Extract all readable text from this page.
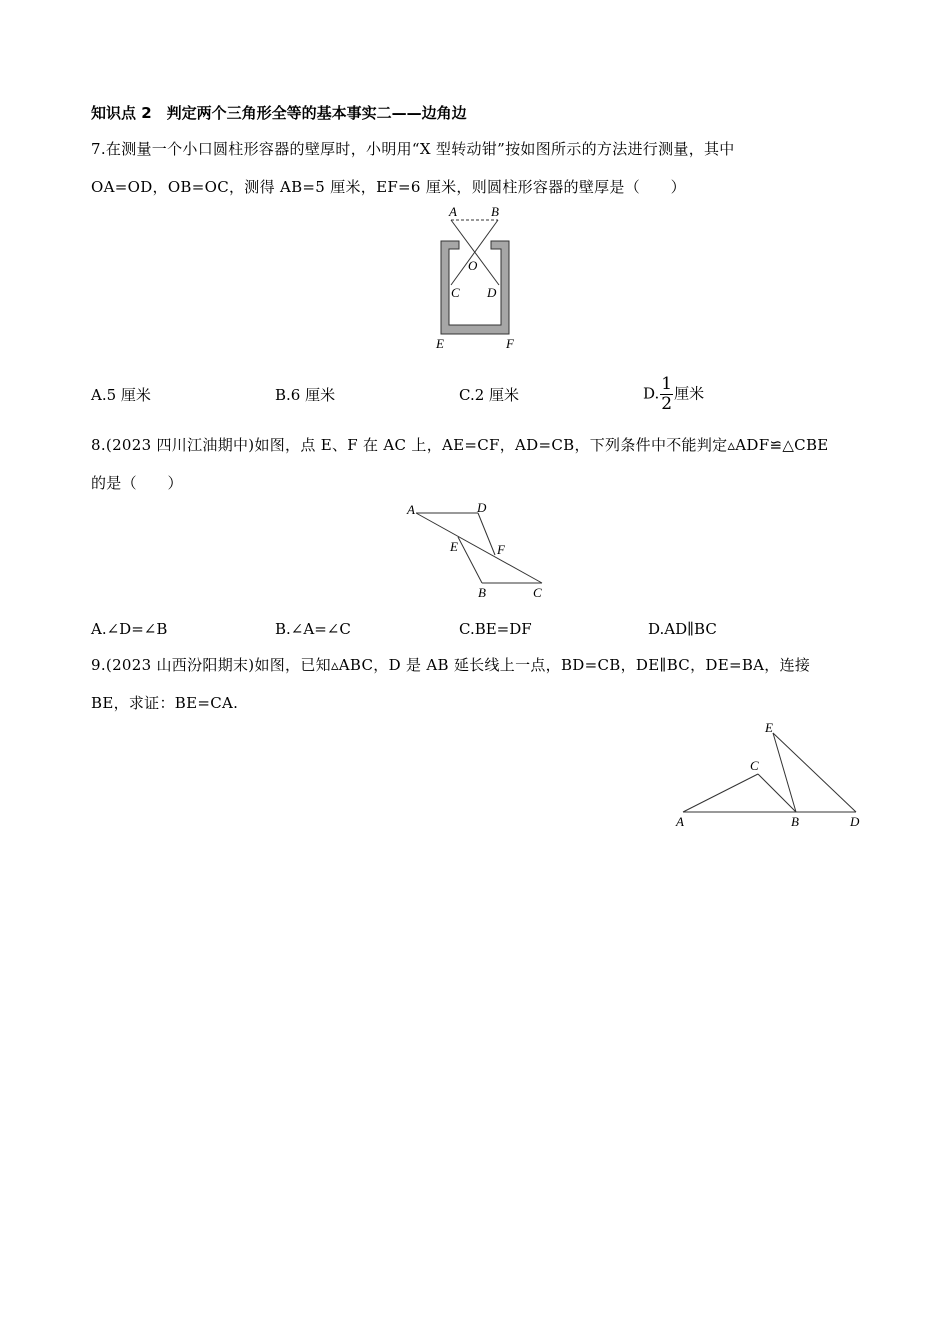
知识点 2　判定两个三角形全等的基本事实二——边角边
7.在测量一个小口圆柱形容器的壁厚时，小明用“X 型转动钳”按如图所示的方法进行测量，其中
OA=OD，OB=OC，测得 AB=5 厘米，EF=6 厘米，则圆柱形容器的壁厚是（　　）
A	B
O
C D
E	F
A.5 厘米	B.6 厘米	C.2 厘米	D. $\frac{1}{2}$ 厘米
8.(2023 四川江油期中)如图，点 E、F 在 AC 上，AE=CF，AD=CB，下列条件中不能判定▵ADF≌△CBE
的是（　　）
A	D
E	F
B	C
A.∠D=∠B	B.∠A=∠C	C.BE=DF	D.AD∥BC
9.(2023 山西汾阳期末)如图，已知▵ABC，D 是 AB 延长线上一点，BD=CB，DE∥BC，DE=BA，连接
BE，求证：BE=CA.
E
C
A	B	D
